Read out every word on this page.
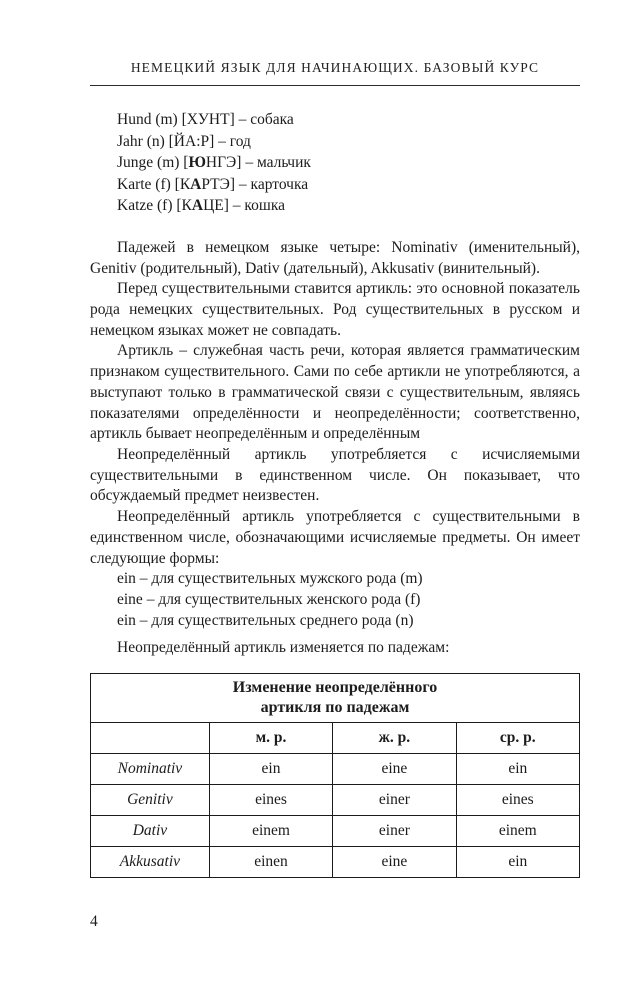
НЕМЕЦКИЙ ЯЗЫК ДЛЯ НАЧИНАЮЩИХ. БАЗОВЫЙ КУРС
Hund (m) [ХУНТ] – собака
Jahr (n) [ЙА:Р] – год
Junge (m) [ЮНГЭ] – мальчик
Karte (f) [КАРТЭ] – карточка
Katze (f) [КАЦЕ] – кошка

Падежей в немецком языке четыре: Nominativ (именительный), Genitiv (родительный), Dativ (дательный), Akkusativ (винительный).

Перед существительными ставится артикль: это основной показатель рода немецких существительных. Род существительных в русском и немецком языках может не совпадать.

Артикль – служебная часть речи, которая является грамматическим признаком существительного. Сами по себе артикли не употребляются, а выступают только в грамматической связи с существительным, являясь показателями определённости и неопределённости; соответственно, артикль бывает неопределённым и определённым

Неопределённый артикль употребляется с исчисляемыми существительными в единственном числе. Он показывает, что обсуждаемый предмет неизвестен.

Неопределённый артикль употребляется с существительными в единственном числе, обозначающими исчисляемые предметы. Он имеет следующие формы:

ein – для существительных мужского рода (m)
eine – для существительных женского рода (f)
ein – для существительных среднего рода (n)

Неопределённый артикль изменяется по падежам:

Изменение неопределённого
артикля по падежам			

	м. р.	ж. р.	ср. р.
Nominativ	ein	eine	ein
Genitiv	eines	einer	eines
Dativ	einem	einer	einem
Akkusativ	einen	eine	ein
4
